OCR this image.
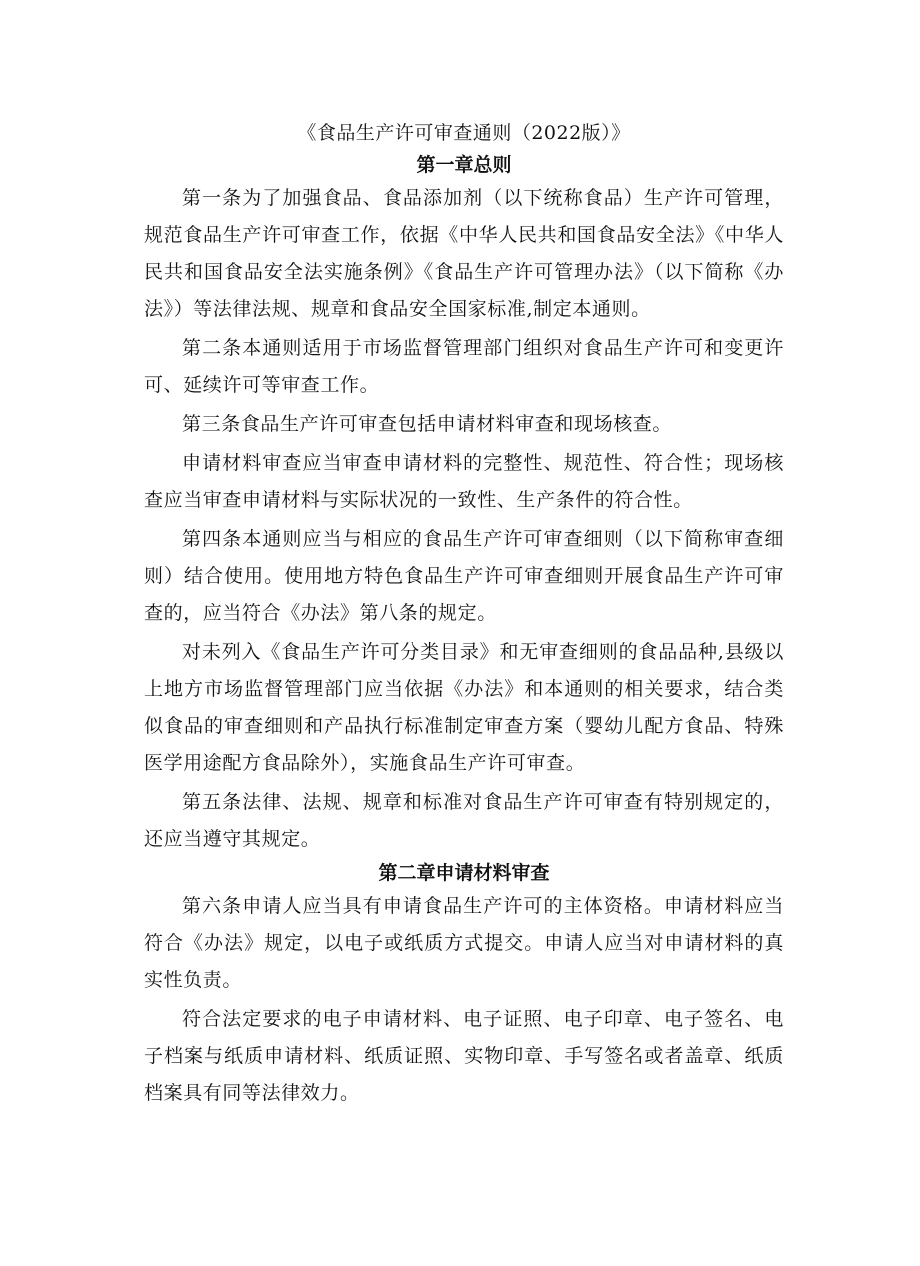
《食品生产许可审查通则（2022版）》
第一章总则

第一条为了加强食品、食品添加剂（以下统称食品）生产许可管理，规范食品生产许可审查工作，依据《中华人民共和国食品安全法》《中华人民共和国食品安全法实施条例》《食品生产许可管理办法》（以下简称《办法》）等法律法规、规章和食品安全国家标准,制定本通则。

第二条本通则适用于市场监督管理部门组织对食品生产许可和变更许可、延续许可等审查工作。

第三条食品生产许可审查包括申请材料审查和现场核查。

申请材料审查应当审查申请材料的完整性、规范性、符合性；现场核查应当审查申请材料与实际状况的一致性、生产条件的符合性。

第四条本通则应当与相应的食品生产许可审查细则（以下简称审查细则）结合使用。使用地方特色食品生产许可审查细则开展食品生产许可审查的，应当符合《办法》第八条的规定。

对未列入《食品生产许可分类目录》和无审查细则的食品品种,县级以上地方市场监督管理部门应当依据《办法》和本通则的相关要求，结合类似食品的审查细则和产品执行标准制定审查方案（婴幼儿配方食品、特殊医学用途配方食品除外），实施食品生产许可审查。

第五条法律、法规、规章和标准对食品生产许可审查有特别规定的，还应当遵守其规定。

第二章申请材料审查

第六条申请人应当具有申请食品生产许可的主体资格。申请材料应当符合《办法》规定，以电子或纸质方式提交。申请人应当对申请材料的真实性负责。

符合法定要求的电子申请材料、电子证照、电子印章、电子签名、电子档案与纸质申请材料、纸质证照、实物印章、手写签名或者盖章、纸质档案具有同等法律效力。
